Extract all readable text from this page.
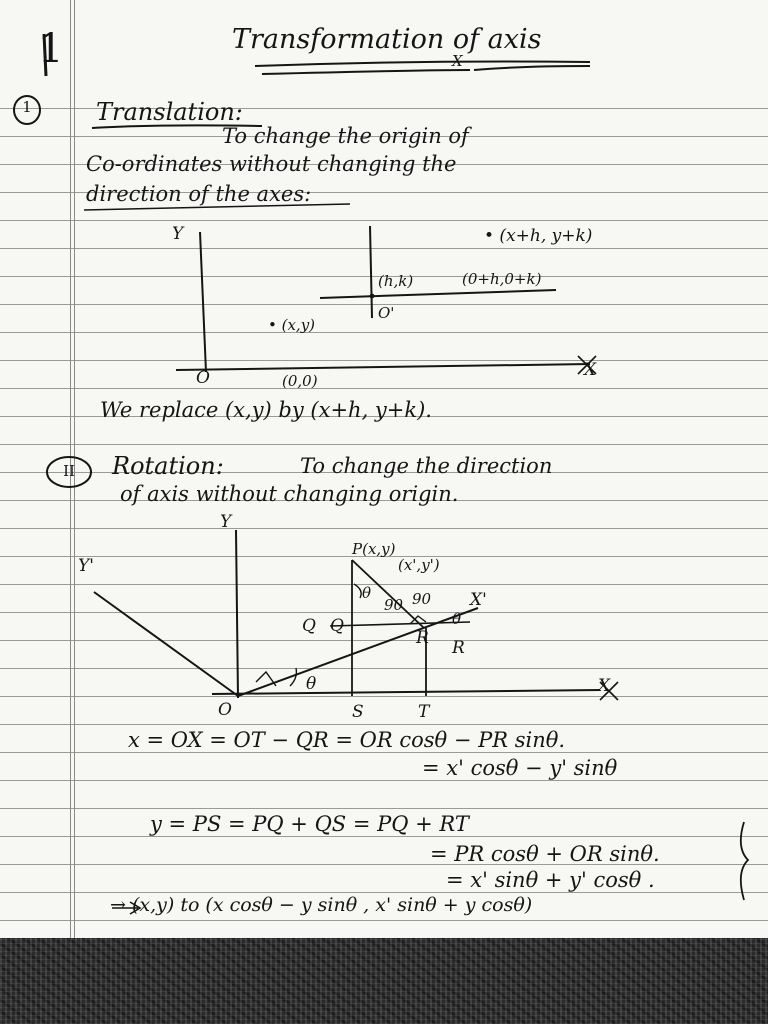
1	Transformation of axis
X
1	Translation:
To change the origin of
Co-ordinates without changing the
direction of the axes:
Y	• (x+h, y+k)
(h,k)	(0+h,0+k)
O'
• (x,y)
O	(0,0)
X
We replace (x,y) by (x+h, y+k).
II	Rotation:	To change the direction
of axis without changing origin.
Y
Y'
P(x,y)
(x',y')
θ
90 90 X'
θ
Q Q
R R
θ	X
O	S	T
x = OX = OT − QR = OR cosθ − PR sinθ.
= x' cosθ − y' sinθ
y = PS = PQ + QS = PQ + RT
= PR cosθ + OR sinθ.
= x' sinθ + y' cosθ .
→ (x,y) to (x cosθ − y sinθ , x' sinθ + y cosθ)
